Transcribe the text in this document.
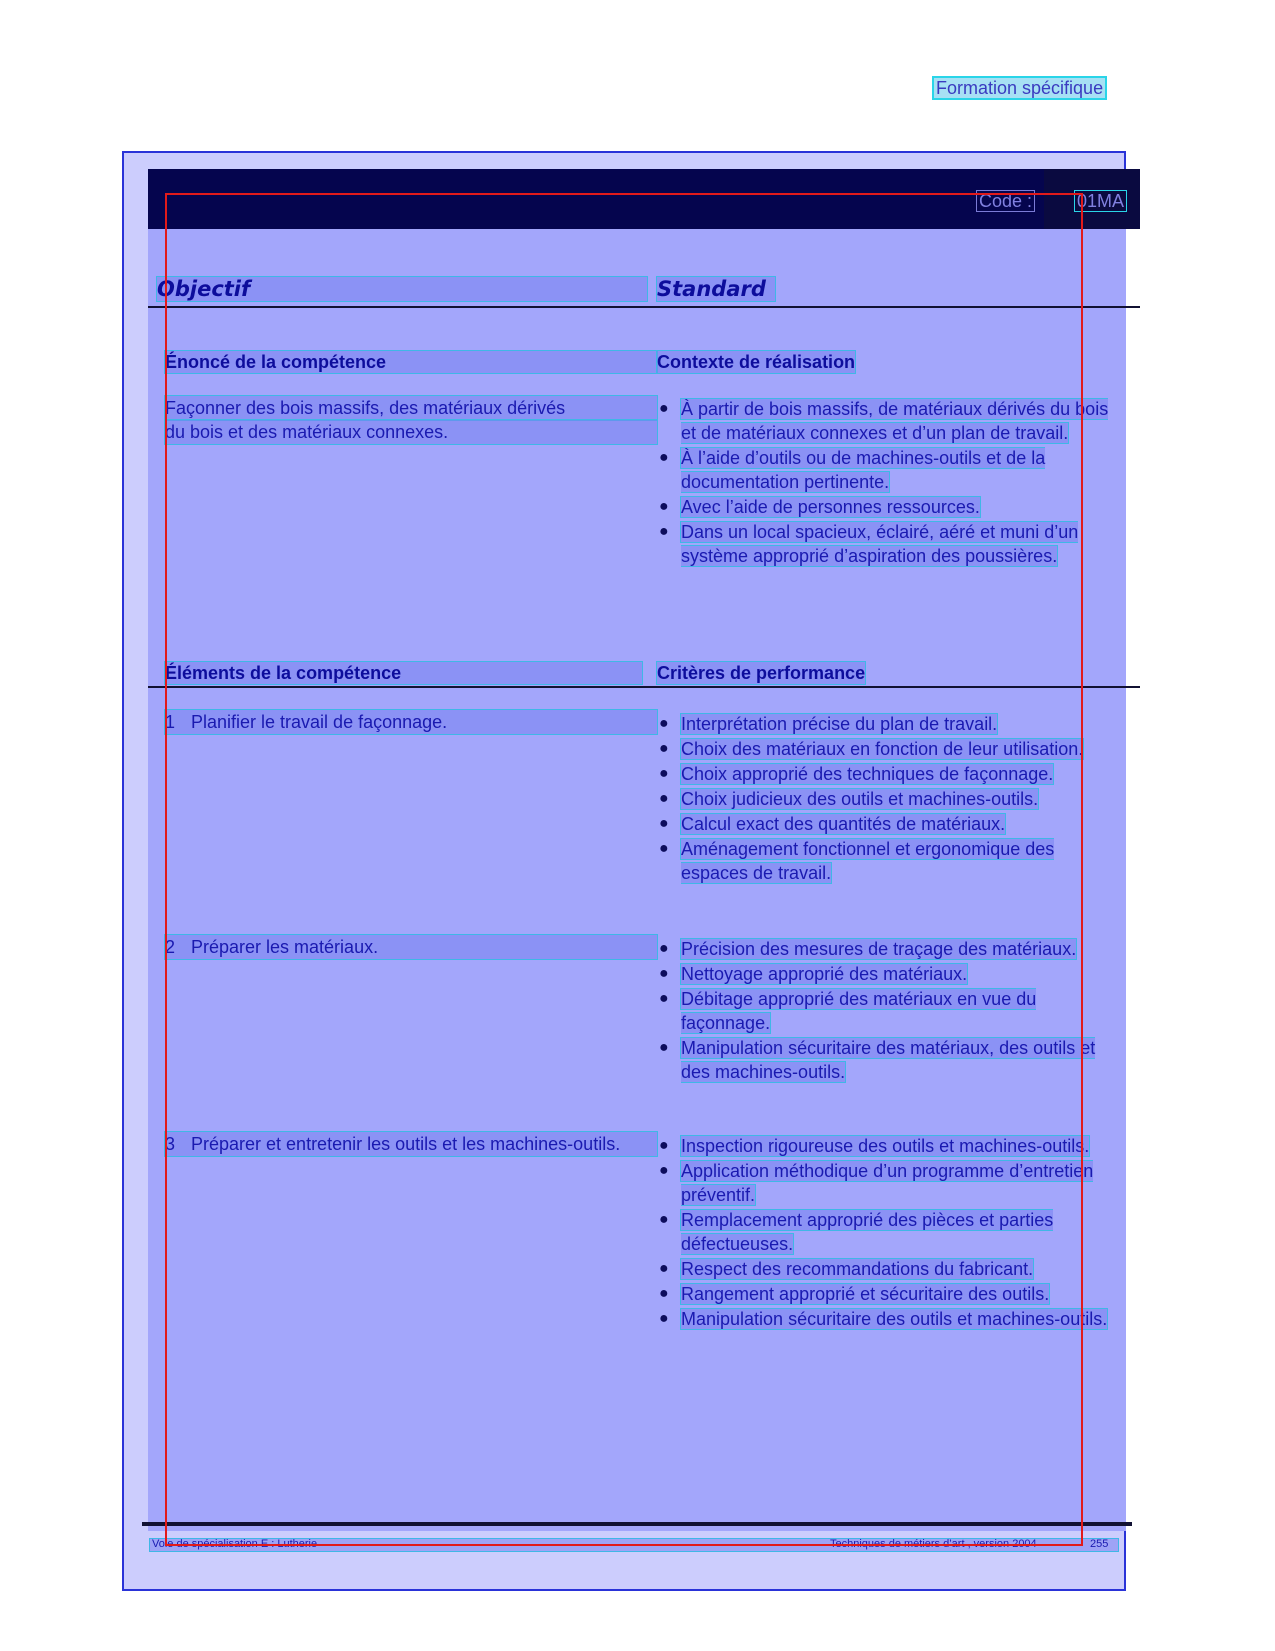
Formation spécifique
Code : 01MA
Objectif	Standard
Énoncé de la compétence	Contexte de réalisation
Façonner des bois massifs, des matériaux dérivés
du bois et des matériaux connexes.
● À partir de bois massifs, de matériaux dérivés du bois et de matériaux connexes et d’un plan de travail.
● À l’aide d’outils ou de machines-outils et de la documentation pertinente.
● Avec l’aide de personnes ressources.
● Dans un local spacieux, éclairé, aéré et muni d’un système approprié d’aspiration des poussières.
Éléments de la compétence	Critères de performance
1 Planifier le travail de façonnage.	● Interprétation précise du plan de travail.
● Choix des matériaux en fonction de leur utilisation.
● Choix approprié des techniques de façonnage.
● Choix judicieux des outils et machines-outils.
● Calcul exact des quantités de matériaux.
● Aménagement fonctionnel et ergonomique des espaces de travail.
2 Préparer les matériaux.	● Précision des mesures de traçage des matériaux.
● Nettoyage approprié des matériaux.
● Débitage approprié des matériaux en vue du façonnage.
● Manipulation sécuritaire des matériaux, des outils et des machines-outils.
3 Préparer et entretenir les outils et les machines-outils.	● Inspection rigoureuse des outils et machines-outils.
● Application méthodique d’un programme d’entretien préventif.
● Remplacement approprié des pièces et parties défectueuses.
● Respect des recommandations du fabricant.
● Rangement approprié et sécuritaire des outils.
● Manipulation sécuritaire des outils et machines-outils.
Voie de spécialisation E : Lutherie	Techniques de métiers d’art , version 2004	255
